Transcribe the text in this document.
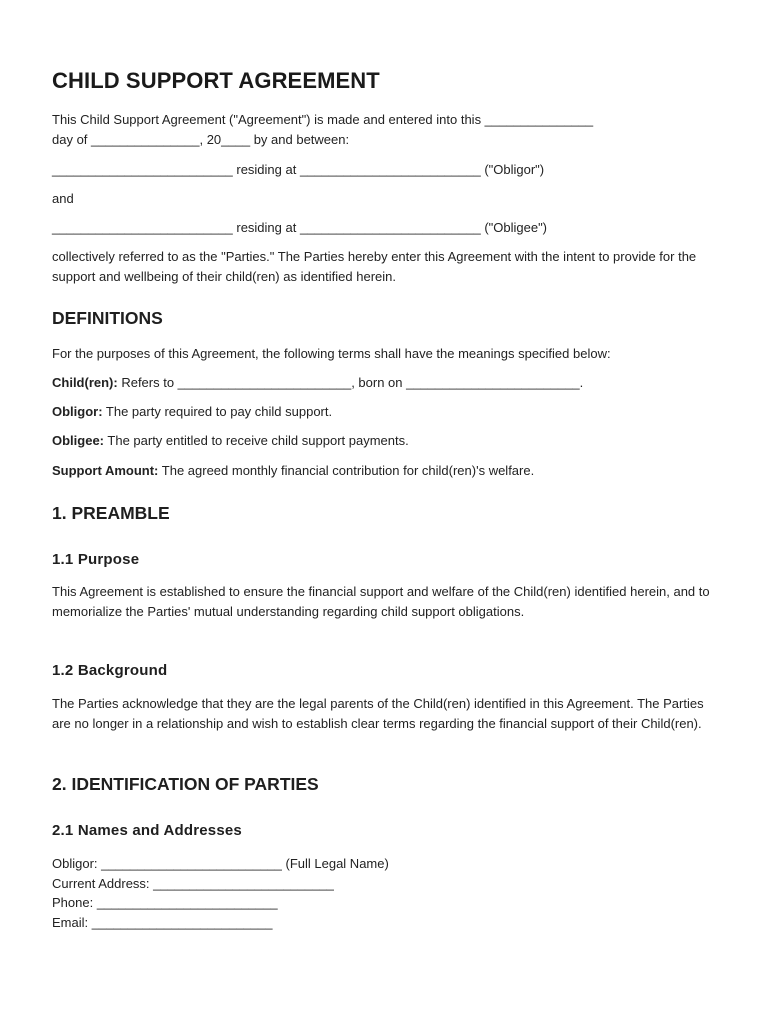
CHILD SUPPORT AGREEMENT

This Child Support Agreement ("Agreement") is made and entered into this _______________

day of _______________, 20____ by and between:

_________________________ residing at _________________________ ("Obligor")

and

_________________________ residing at _________________________ ("Obligee")

collectively referred to as the "Parties." The Parties hereby enter this Agreement with the intent to provide for the support and wellbeing of their child(ren) as identified herein.

DEFINITIONS

For the purposes of this Agreement, the following terms shall have the meanings specified below:

Child(ren): Refers to ________________________, born on ________________________.

Obligor: The party required to pay child support.

Obligee: The party entitled to receive child support payments.

Support Amount: The agreed monthly financial contribution for child(ren)'s welfare.

1. PREAMBLE
1.1 Purpose

This Agreement is established to ensure the financial support and welfare of the Child(ren) identified herein, and to memorialize the Parties' mutual understanding regarding child support obligations.

1.2 Background

The Parties acknowledge that they are the legal parents of the Child(ren) identified in this Agreement. The Parties are no longer in a relationship and wish to establish clear terms regarding the financial support of their Child(ren).

2. IDENTIFICATION OF PARTIES
2.1 Names and Addresses

Obligor: _________________________ (Full Legal Name)

Current Address: _________________________

Phone: _________________________

Email: _________________________
